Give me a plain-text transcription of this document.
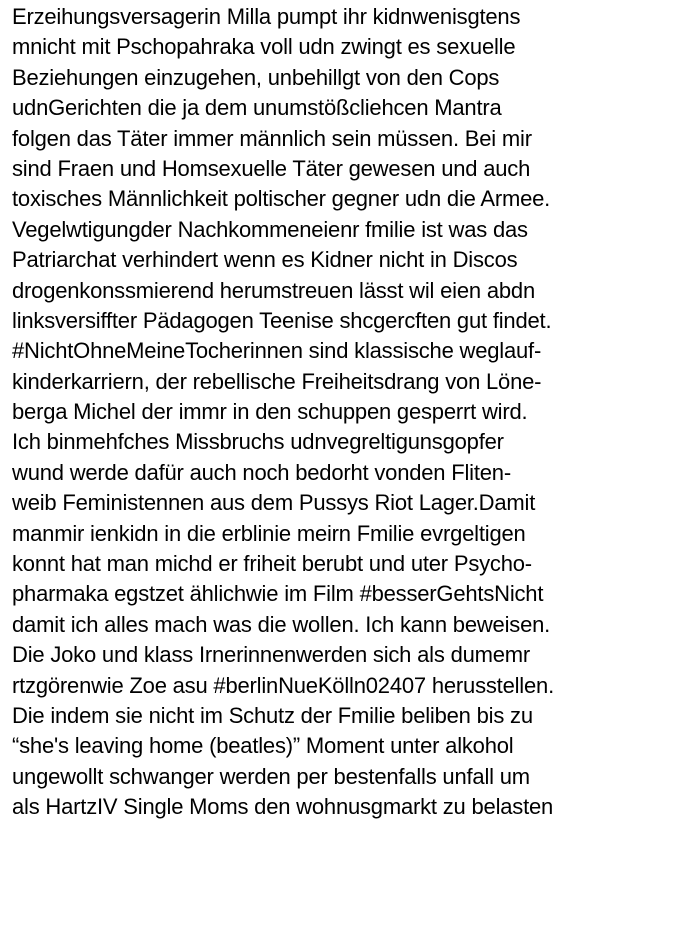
Erzeihungsversagerin Milla pumpt ihr kidnwenisgtens
mnicht mit Pschopahraka voll udn zwingt es sexuelle
Beziehungen einzugehen, unbehillgt von den Cops
udnGerichten die ja dem unumstößcliehcen Mantra
folgen das Täter immer männlich sein müssen. Bei mir
sind Fraen und Homsexuelle Täter gewesen und auch
toxisches Männlichkeit poltischer gegner udn die Armee.
Vegelwtigungder Nachkommeneienr fmilie ist was das
Patriarchat verhindert wenn es Kidner nicht in Discos
drogenkonssmierend herumstreuen lässt wil eien abdn
linksversiffter Pädagogen Teenise shcgercften gut findet.
#NichtOhneMeineTocherinnen sind klassische weglauf-
kinderkarriern, der rebellische Freiheitsdrang von Löne-
berga Michel der immr in den schuppen gesperrt wird.
Ich binmehfches Missbruchs udnvegreltigunsgopfer
wund werde dafür auch noch bedorht vonden Fliten-
weib Feministennen aus dem Pussys Riot Lager.Damit
manmir ienkidn in die erblinie meirn Fmilie evrgeltigen
konnt hat man michd er friheit berubt und uter Psycho-
pharmaka egstzet ählichwie im Film #besserGehtsNicht
damit ich alles mach was die wollen. Ich kann beweisen.
Die Joko und klass Irnerinnenwerden sich als dumemr
rtzgörenwie Zoe asu #berlinNueKölln02407 herusstellen.
Die indem sie nicht im Schutz der Fmilie beliben bis zu
“she's leaving home (beatles)” Moment unter alkohol
ungewollt schwanger werden per bestenfalls unfall um
als HartzIV Single Moms den wohnusgmarkt zu belasten
